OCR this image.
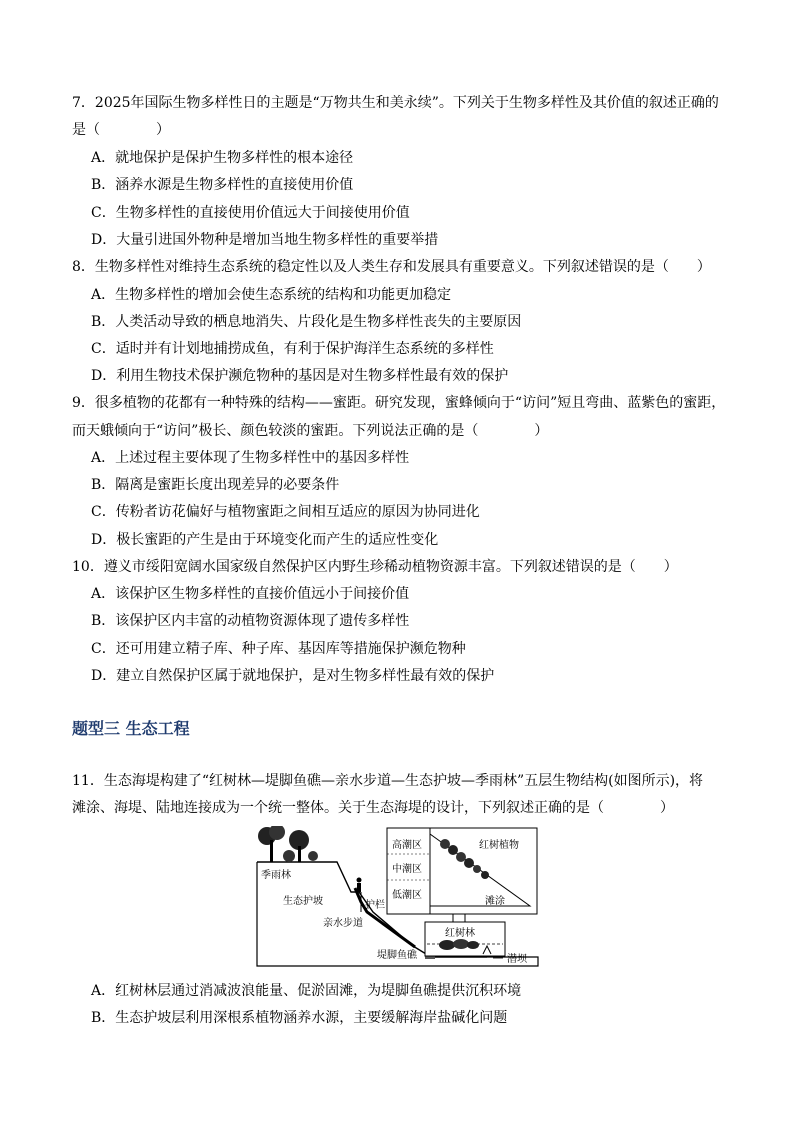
7．2025年国际生物多样性日的主题是“万物共生和美永续”。下列关于生物多样性及其价值的叙述正确的
是（　　　　）
A．就地保护是保护生物多样性的根本途径
B．涵养水源是生物多样性的直接使用价值
C．生物多样性的直接使用价值远大于间接使用价值
D．大量引进国外物种是增加当地生物多样性的重要举措
8．生物多样性对维持生态系统的稳定性以及人类生存和发展具有重要意义。下列叙述错误的是（　　）
A．生物多样性的增加会使生态系统的结构和功能更加稳定
B．人类活动导致的栖息地消失、片段化是生物多样性丧失的主要原因
C．适时并有计划地捕捞成鱼，有利于保护海洋生态系统的多样性
D．利用生物技术保护濒危物种的基因是对生物多样性最有效的保护
9．很多植物的花都有一种特殊的结构——蜜距。研究发现，蜜蜂倾向于“访问”短且弯曲、蓝紫色的蜜距，
而天蛾倾向于“访问”极长、颜色较淡的蜜距。下列说法正确的是（　　　　）
A．上述过程主要体现了生物多样性中的基因多样性
B．隔离是蜜距长度出现差异的必要条件
C．传粉者访花偏好与植物蜜距之间相互适应的原因为协同进化
D．极长蜜距的产生是由于环境变化而产生的适应性变化
10．遵义市绥阳宽阔水国家级自然保护区内野生珍稀动植物资源丰富。下列叙述错误的是（　　）
A．该保护区生物多样性的直接价值远小于间接价值
B．该保护区内丰富的动植物资源体现了遗传多样性
C．还可用建立精子库、种子库、基因库等措施保护濒危物种
D．建立自然保护区属于就地保护，是对生物多样性最有效的保护
题型三 生态工程
11．生态海堤构建了“红树林—堤脚鱼礁—亲水步道—生态护坡—季雨林”五层生物结构(如图所示)，将
滩涂、海堤、陆地连接成为一个统一整体。关于生态海堤的设计，下列叙述正确的是（　　　　）
季雨林
生态护坡	护栏
亲水步道
堤脚鱼礁
红树林
潜坝
高潮区
中潮区
低潮区
红树植物
滩涂
A．红树林层通过消减波浪能量、促淤固滩，为堤脚鱼礁提供沉积环境
B．生态护坡层利用深根系植物涵养水源，主要缓解海岸盐碱化问题
